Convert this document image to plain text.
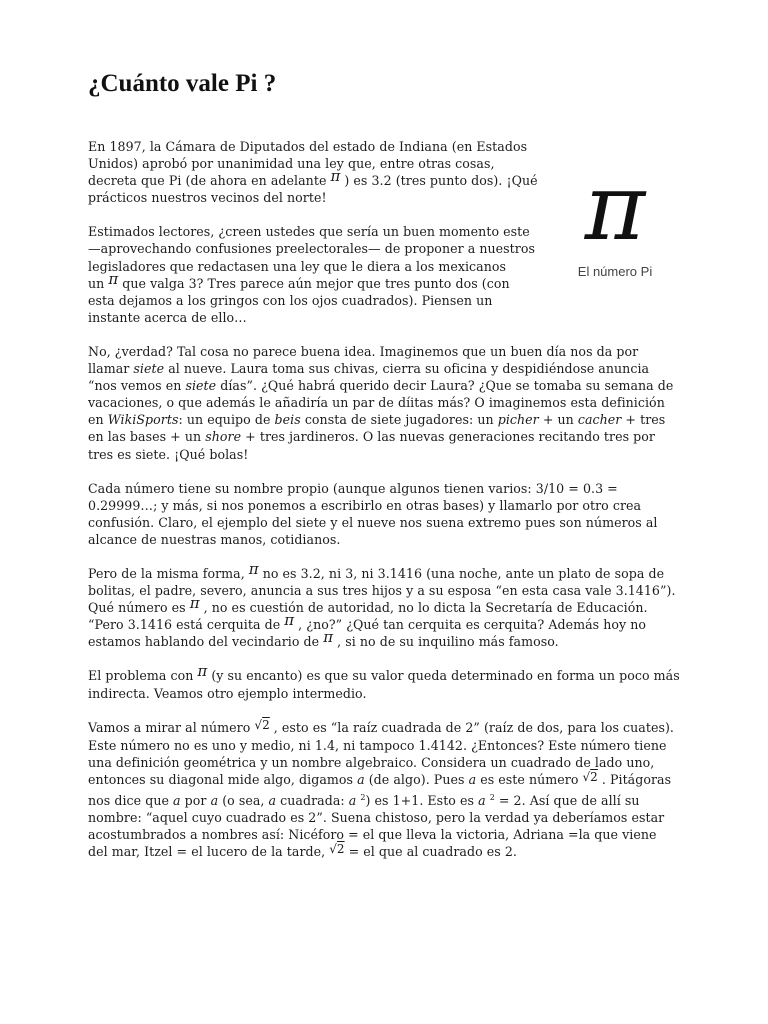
¿Cuánto vale Pi ?
π
El número Pi

En 1897, la Cámara de Diputados del estado de Indiana (en Estados Unidos) aprobó por unanimidad una ley que, entre otras cosas, decreta que Pi (de ahora en adelante π ) es 3.2 (tres punto dos). ¡Qué prácticos nuestros vecinos del norte!

Estimados lectores, ¿creen ustedes que sería un buen momento este —aprovechando confusiones preelectorales— de proponer a nuestros legisladores que redactasen una ley que le diera a los mexicanos un π que valga 3? Tres parece aún mejor que tres punto dos (con esta dejamos a los gringos con los ojos cuadrados). Piensen un instante acerca de ello…

No, ¿verdad? Tal cosa no parece buena idea. Imaginemos que un buen día nos da por llamar siete al nueve. Laura toma sus chivas, cierra su oficina y despidiéndose anuncia “nos vemos en siete días”. ¿Qué habrá querido decir Laura? ¿Que se tomaba su semana de vacaciones, o que además le añadiría un par de díitas más? O imaginemos esta definición en WikiSports: un equipo de beis consta de siete jugadores: un picher + un cacher + tres en las bases + un shore + tres jardineros. O las nuevas generaciones recitando tres por tres es siete. ¡Qué bolas!

Cada número tiene su nombre propio (aunque algunos tienen varios: 3/10 = 0.3 = 0.29999…; y más, si nos ponemos a escribirlo en otras bases) y llamarlo por otro crea confusión. Claro, el ejemplo del siete y el nueve nos suena extremo pues son números al alcance de nuestras manos, cotidianos.

Pero de la misma forma, π no es 3.2, ni 3, ni 3.1416 (una noche, ante un plato de sopa de bolitas, el padre, severo, anuncia a sus tres hijos y a su esposa “en esta casa vale 3.1416”). Qué número es π , no es cuestión de autoridad, no lo dicta la Secretaría de Educación. “Pero 3.1416 está cerquita de π , ¿no?” ¿Qué tan cerquita es cerquita? Además hoy no estamos hablando del vecindario de π , si no de su inquilino más famoso.

El problema con π (y su encanto) es que su valor queda determinado en forma un poco más indirecta. Veamos otro ejemplo intermedio.

Vamos a mirar al número √2 , esto es “la raíz cuadrada de 2” (raíz de dos, para los cuates). Este número no es uno y medio, ni 1.4, ni tampoco 1.4142. ¿Entonces? Este número tiene una definición geométrica y un nombre algebraico. Considera un cuadrado de lado uno, entonces su diagonal mide algo, digamos a (de algo). Pues a es este número √2 . Pitágoras nos dice que a por a (o sea, a cuadrada: a $^2$) es 1+1. Esto es a $^2$ = 2. Así que de allí su nombre: “aquel cuyo cuadrado es 2”. Suena chistoso, pero la verdad ya deberíamos estar acostumbrados a nombres así: Nicéforo = el que lleva la victoria, Adriana =la que viene del mar, Itzel = el lucero de la tarde, √2 = el que al cuadrado es 2.
